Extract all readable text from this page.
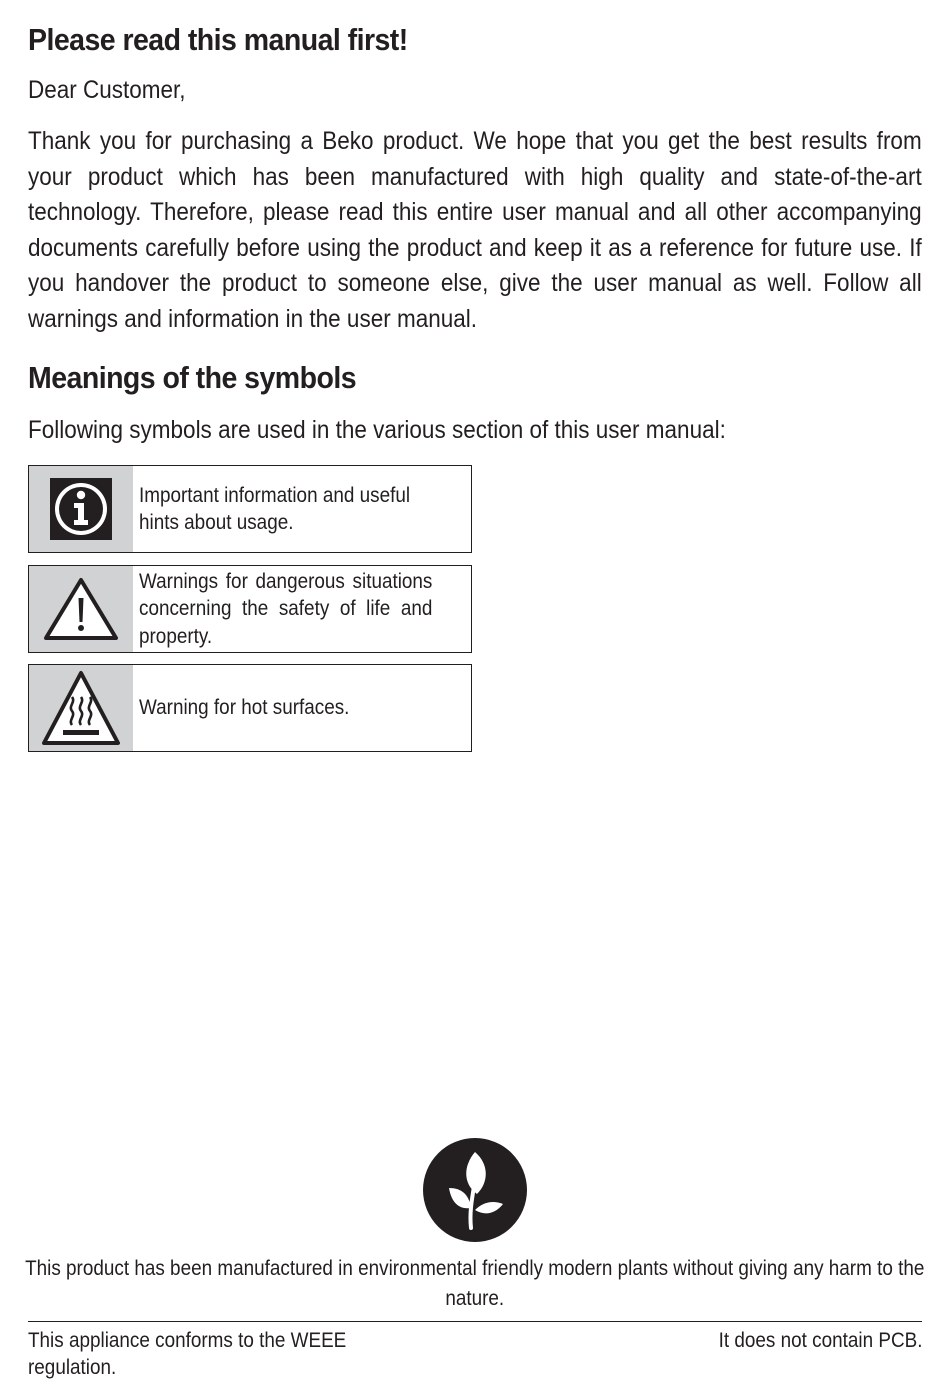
Please read this manual first!

Dear Customer,

Thank you for purchasing a Beko product. We hope that you get the best results from your product which has been manufactured with high quality and state-of-the-art technology. Therefore, please read this entire user manual and all other accompanying documents carefully before using the product and keep it as a reference for future use. If you handover the product to someone else, give the user manual as well. Follow all warnings and information in the user manual.

Meanings of the symbols

Following symbols are used in the various section of this user manual:

Important information and useful hints about usage.

Warnings for dangerous situations concerning the safety of life and property.

Warning for hot surfaces.

This product has been manufactured in environmental friendly modern plants without giving any harm to the nature.

This appliance conforms to the WEEE regulation.

It does not contain PCB.
